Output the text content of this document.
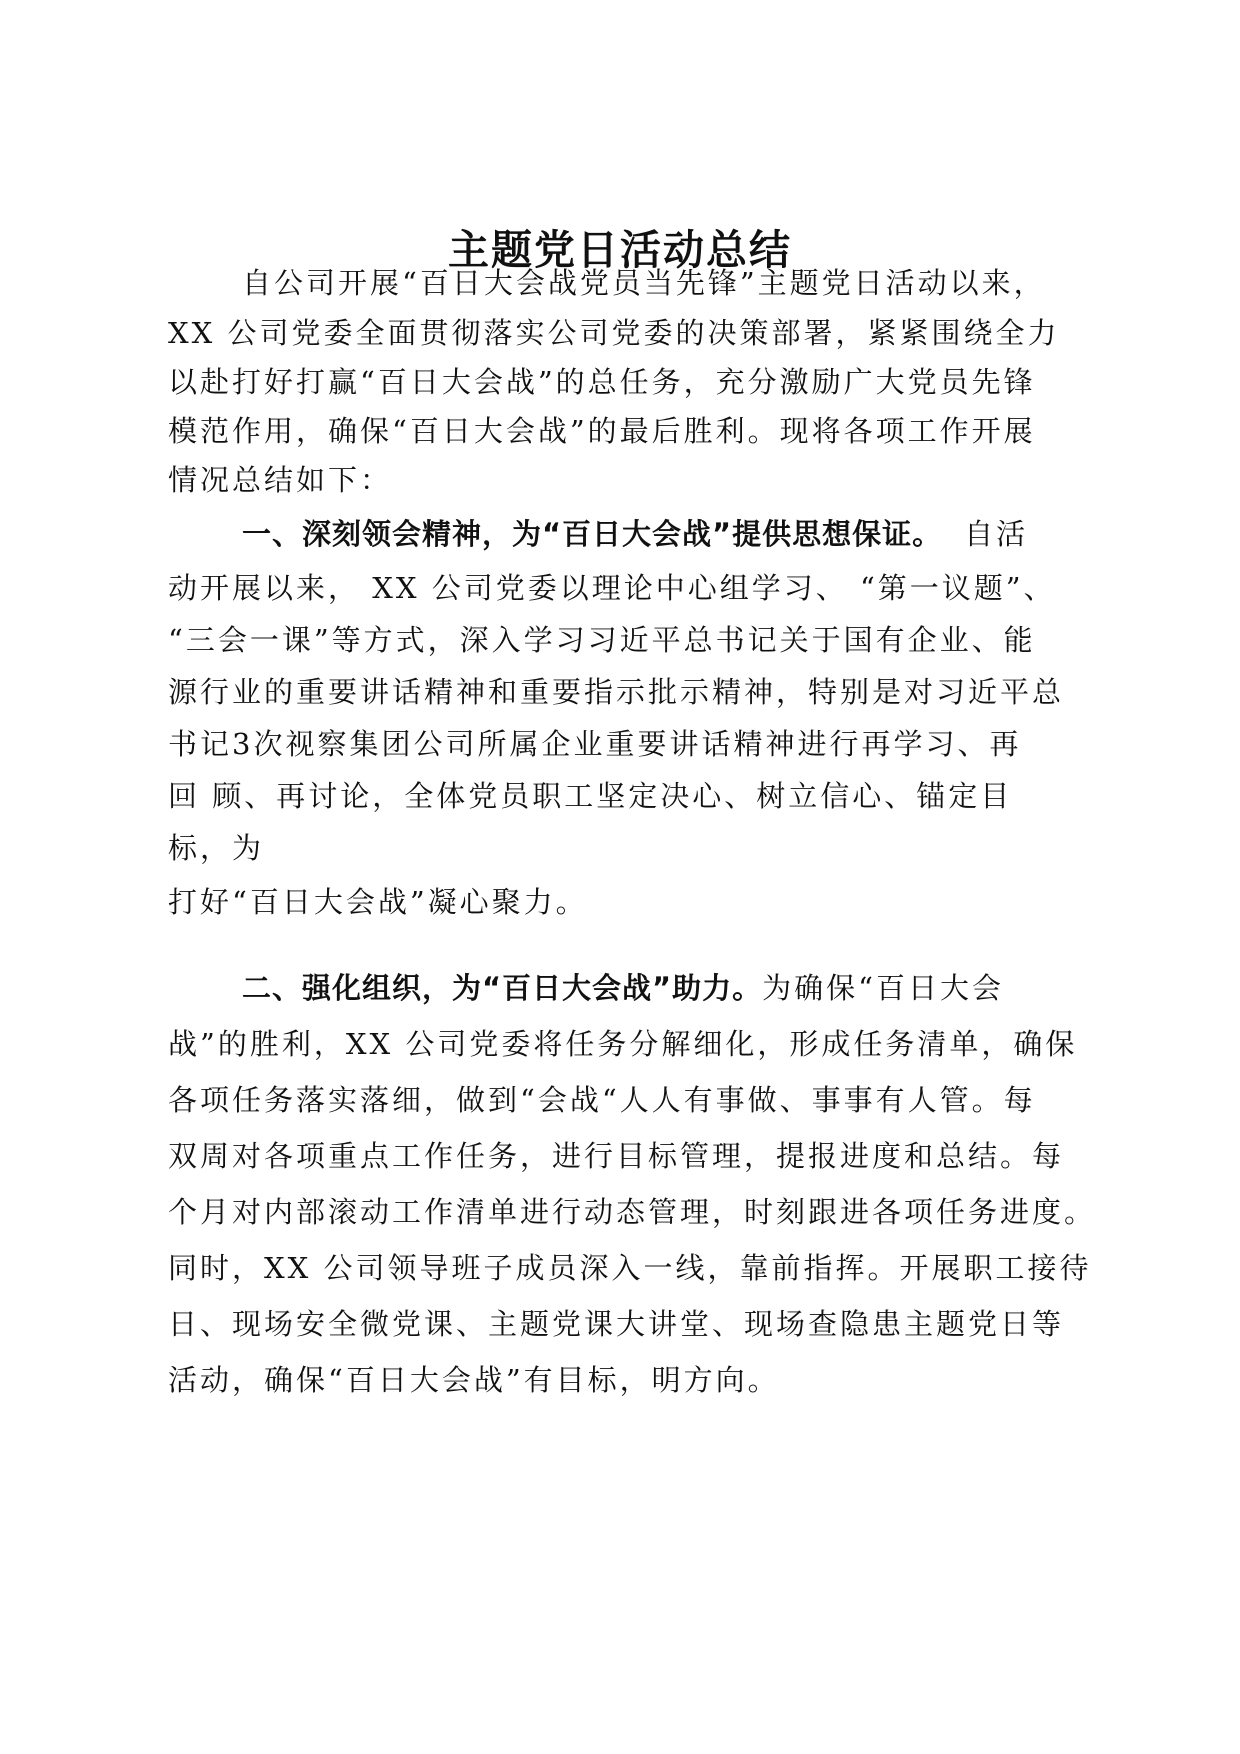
主题党日活动总结
自公司开展“百日大会战党员当先锋”主题党日活动以来，
XX 公司党委全面贯彻落实公司党委的决策部署，紧紧围绕全力
以赴打好打赢“百日大会战”的总任务，充分激励广大党员先锋
模范作用，确保“百日大会战”的最后胜利。现将各项工作开展
情况总结如下：
一、深刻领会精神，为“百日大会战”提供思想保证。 自活
动开展以来， XX 公司党委以理论中心组学习、 “第一议题”、
“三会一课”等方式，深入学习习近平总书记关于国有企业、能
源行业的重要讲话精神和重要指示批示精神，特别是对习近平总
书记3次视察集团公司所属企业重要讲话精神进行再学习、再
回 顾、再讨论，全体党员职工坚定决心、树立信心、锚定目
标，为
打好“百日大会战”凝心聚力。
二、强化组织，为“百日大会战”助力。为确保“百日大会
战”的胜利，XX 公司党委将任务分解细化，形成任务清单，确保
各项任务落实落细，做到“会战“人人有事做、事事有人管。每
双周对各项重点工作任务，进行目标管理，提报进度和总结。每
个月对内部滚动工作清单进行动态管理，时刻跟进各项任务进度。
同时，XX 公司领导班子成员深入一线，靠前指挥。开展职工接待
日、现场安全微党课、主题党课大讲堂、现场查隐患主题党日等
活动，确保“百日大会战”有目标，明方向。
